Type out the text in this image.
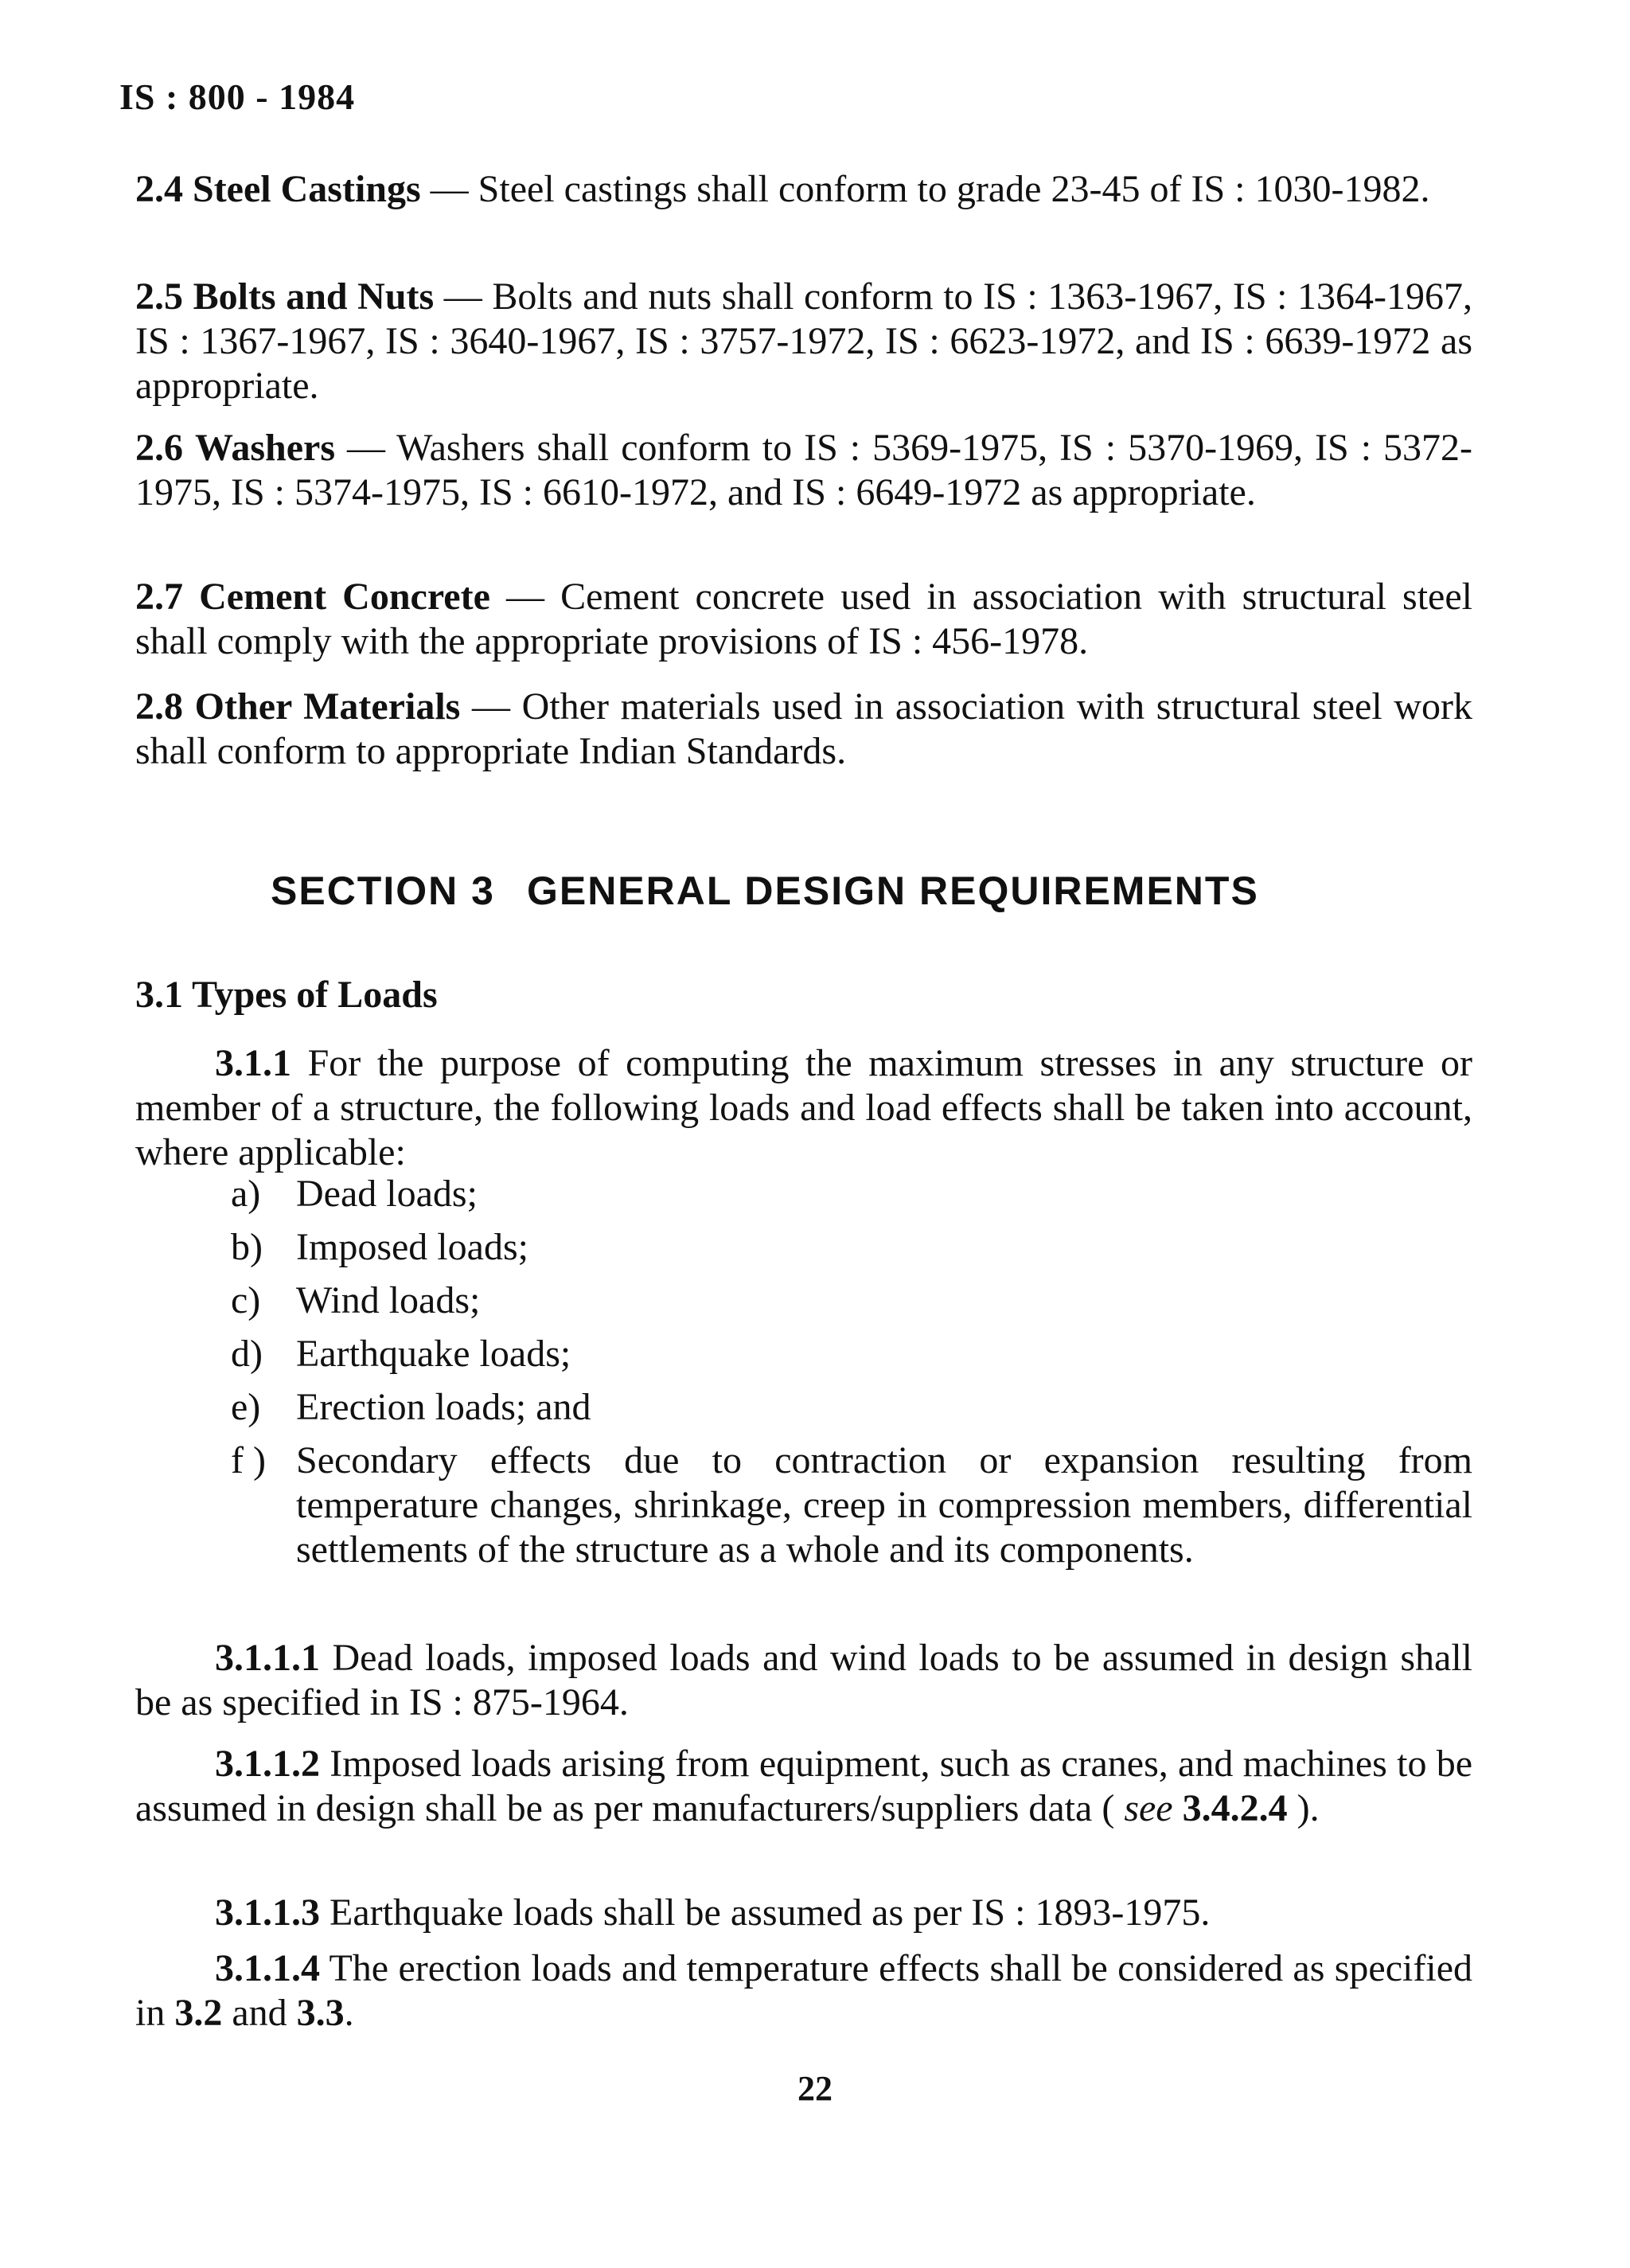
IS : 800 - 1984
2.4 Steel Castings — Steel castings shall conform to grade 23-45 of IS : 1030-1982.
2.5 Bolts and Nuts — Bolts and nuts shall conform to IS : 1363-1967, IS : 1364-1967, IS : 1367-1967, IS : 3640-1967, IS : 3757-1972, IS : 6623-1972, and IS : 6639-1972 as appropriate.
2.6 Washers — Washers shall conform to IS : 5369-1975, IS : 5370-1969, IS : 5372-1975, IS : 5374-1975, IS : 6610-1972, and IS : 6649-1972 as appropriate.
2.7 Cement Concrete — Cement concrete used in association with structural steel shall comply with the appropriate provisions of IS : 456-1978.
2.8 Other Materials — Other materials used in association with structural steel work shall conform to appropriate Indian Standards.
SECTION 3 GENERAL DESIGN REQUIREMENTS
3.1 Types of Loads
3.1.1 For the purpose of computing the maximum stresses in any structure or member of a structure, the following loads and load effects shall be taken into account, where applicable:
a) Dead loads;
b) Imposed loads;
c) Wind loads;
d) Earthquake loads;
e) Erection loads; and
f ) Secondary effects due to contraction or expansion resulting from temperature changes, shrinkage, creep in compression members, differential settlements of the structure as a whole and its components.
3.1.1.1 Dead loads, imposed loads and wind loads to be assumed in design shall be as specified in IS : 875-1964.
3.1.1.2 Imposed loads arising from equipment, such as cranes, and machines to be assumed in design shall be as per manufacturers/suppliers data ( see 3.4.2.4 ).
3.1.1.3 Earthquake loads shall be assumed as per IS : 1893-1975.
3.1.1.4 The erection loads and temperature effects shall be considered as specified in 3.2 and 3.3.
22
